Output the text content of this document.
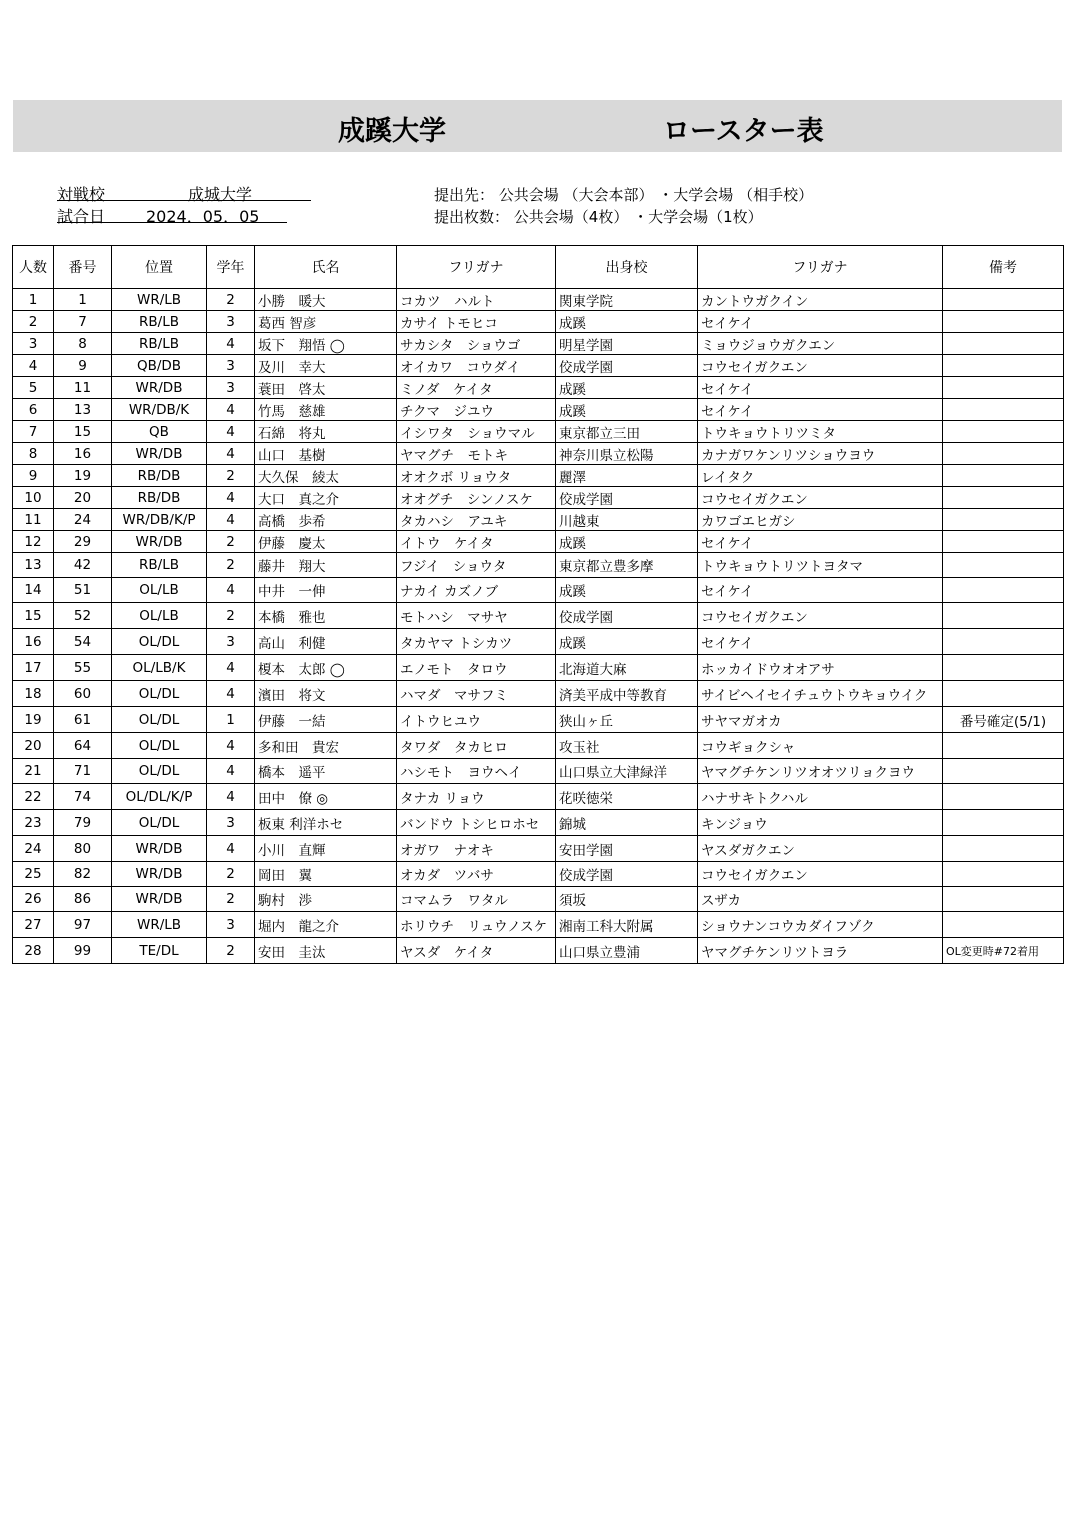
成蹊大学	ロースター表
対戦校	成城大学
試合日	2024．05．05
提出先： 公共会場 （大会本部） ・大学会場 （相手校）
提出枚数： 公共会場（4枚） ・大学会場（1枚）
人数	番号	位置	学年	氏名	フリガナ	出身校	フリガナ	備考
1	1	WR/LB	2	小勝　暖大	コカツ　ハルト	関東学院	カントウガクイン	
2	7	RB/LB	3	葛西 智彦	カサイ トモヒコ	成蹊	セイケイ	
3	8	RB/LB	4	坂下　翔悟 ◯	サカシタ　ショウゴ	明星学園	ミョウジョウガクエン	
4	9	QB/DB	3	及川　幸大	オイカワ　コウダイ	佼成学園	コウセイガクエン	
5	11	WR/DB	3	蓑田　啓太	ミノダ　ケイタ	成蹊	セイケイ	
6	13	WR/DB/K	4	竹馬　慈雄	チクマ　ジユウ	成蹊	セイケイ	
7	15	QB	4	石綿　将丸	イシワタ　ショウマル	東京都立三田	トウキョウトリツミタ	
8	16	WR/DB	4	山口　基樹	ヤマグチ　モトキ	神奈川県立松陽	カナガワケンリツショウヨウ	
9	19	RB/DB	2	大久保　綾太	オオクボ リョウタ	麗澤	レイタク	
10	20	RB/DB	4	大口　真之介	オオグチ　シンノスケ	佼成学園	コウセイガクエン	
11	24	WR/DB/K/P	4	高橋　歩希	タカハシ　アユキ	川越東	カワゴエヒガシ	
12	29	WR/DB	2	伊藤　慶太	イトウ　ケイタ	成蹊	セイケイ	
13	42	RB/LB	2	藤井　翔大	フジイ　ショウタ	東京都立豊多摩	トウキョウトリツトヨタマ	
14	51	OL/LB	4	中井　一伸	ナカイ カズノブ	成蹊	セイケイ	
15	52	OL/LB	2	本橋　雅也	モトハシ　マサヤ	佼成学園	コウセイガクエン	
16	54	OL/DL	3	高山　利健	タカヤマ トシカツ	成蹊	セイケイ	
17	55	OL/LB/K	4	榎本　太郎 ◯	エノモト　タロウ	北海道大麻	ホッカイドウオオアサ	
18	60	OL/DL	4	濱田　将文	ハマダ　マサフミ	済美平成中等教育	サイビヘイセイチュウトウキョウイク	
19	61	OL/DL	1	伊藤　一結	イトウヒユウ	狭山ヶ丘	サヤマガオカ	番号確定(5/1)
20	64	OL/DL	4	多和田　貴宏	タワダ　タカヒロ	攻玉社	コウギョクシャ	
21	71	OL/DL	4	橋本　遥平	ハシモト　ヨウヘイ	山口県立大津緑洋	ヤマグチケンリツオオツリョクヨウ	
22	74	OL/DL/K/P	4	田中　僚 ◎	タナカ リョウ	花咲徳栄	ハナサキトクハル	
23	79	OL/DL	3	板東 利洋ホセ	バンドウ トシヒロホセ	錦城	キンジョウ	
24	80	WR/DB	4	小川　直輝	オガワ　ナオキ	安田学園	ヤスダガクエン	
25	82	WR/DB	2	岡田　翼	オカダ　ツバサ	佼成学園	コウセイガクエン	
26	86	WR/DB	2	駒村　渉	コマムラ　ワタル	須坂	スザカ	
27	97	WR/LB	3	堀内　龍之介	ホリウチ　リュウノスケ	湘南工科大附属	ショウナンコウカダイフゾク	
28	99	TE/DL	2	安田　圭汰	ヤスダ　ケイタ	山口県立豊浦	ヤマグチケンリツトヨラ	OL変更時#72着用
